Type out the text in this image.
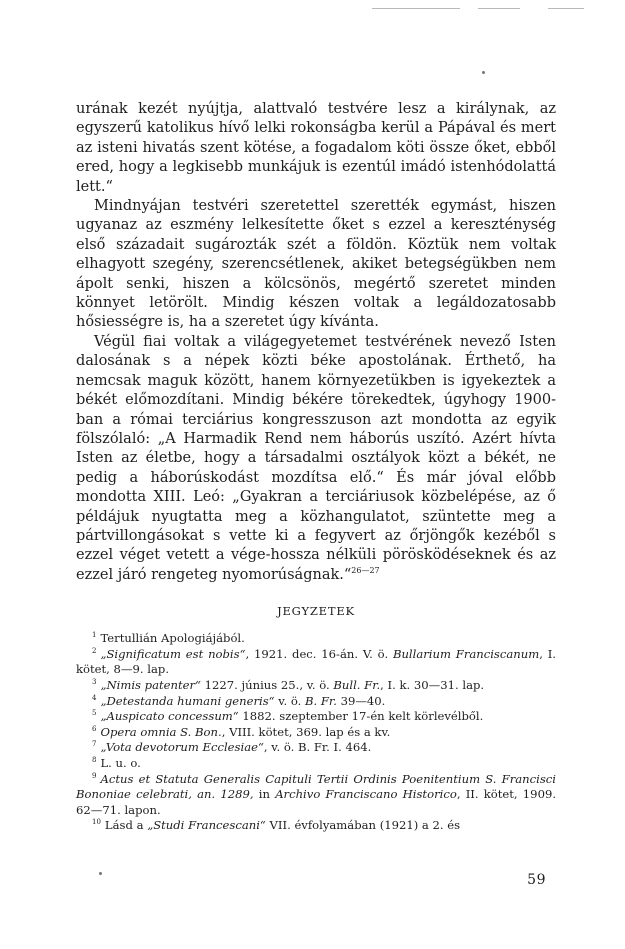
urának kezét nyújtja, alattvaló testvére lesz a királynak, az egyszerű katolikus hívő lelki rokonságba kerül a Pápával és mert az isteni hivatás szent kötése, a fogadalom köti össze őket, ebből ered, hogy a legkisebb munkájuk is ezentúl imádó istenhódolattá lett.“

Mindnyájan testvéri szeretettel szerették egymást, hiszen ugyanaz az eszmény lelkesítette őket s ezzel a kereszténység első századait sugározták szét a földön. Köztük nem voltak elhagyott szegény, szerencsétlenek, akiket betegségükben nem ápolt senki, hiszen a kölcsönös, megértő szeretet minden könnyet letörölt. Mindig készen voltak a legáldozatosabb hősiességre is, ha a szeretet úgy kívánta.

Végül fiai voltak a világegyetemet testvérének nevező Isten dalosának s a népek közti béke apostolának. Érthető, ha nemcsak maguk között, hanem környezetükben is igyekeztek a békét előmozdítani. Mindig békére törekedtek, úgyhogy 1900-ban a római terciárius kongresszuson azt mondotta az egyik fölszólaló: „A Harmadik Rend nem háborús uszító. Azért hívta Isten az életbe, hogy a társadalmi osztályok közt a békét, ne pedig a háborúskodást mozdítsa elő.“ És már jóval előbb mondotta XIII. Leó: „Gyakran a terciáriusok közbelépése, az ő példájuk nyugtatta meg a közhangulatot, szüntette meg a pártvillongásokat s vette ki a fegyvert az őrjöngők kezéből s ezzel véget vetett a vége-hossza nélküli pörösködéseknek és az ezzel járó rengeteg nyomorúságnak.“$^{26—27}$

JEGYZETEK

$^1$ Tertullián Apologiájából.

$^2$ „Significatum est nobis“, 1921. dec. 16-án. V. ö. Bullarium Franciscanum, I. kötet, 8—9. lap.

$^3$ „Nimis patenter“ 1227. június 25., v. ö. Bull. Fr., I. k. 30—31. lap.

$^4$ „Detestanda humani generis“ v. ö. B. Fr. 39—40.

$^5$ „Auspicato concessum“ 1882. szeptember 17-én kelt körlevélből.

$^6$ Opera omnia S. Bon., VIII. kötet, 369. lap és a kv.

$^7$ „Vota devotorum Ecclesiae“, v. ö. B. Fr. I. 464.

$^8$ L. u. o.

$^9$ Actus et Statuta Generalis Capituli Tertii Ordinis Poenitentium S. Francisci Bononiae celebrati, an. 1289, in Archivo Franciscano Historico, II. kötet, 1909. 62—71. lapon.

$^{10}$ Lásd a „Studi Francescani“ VII. évfolyamában (1921) a 2. és

59
